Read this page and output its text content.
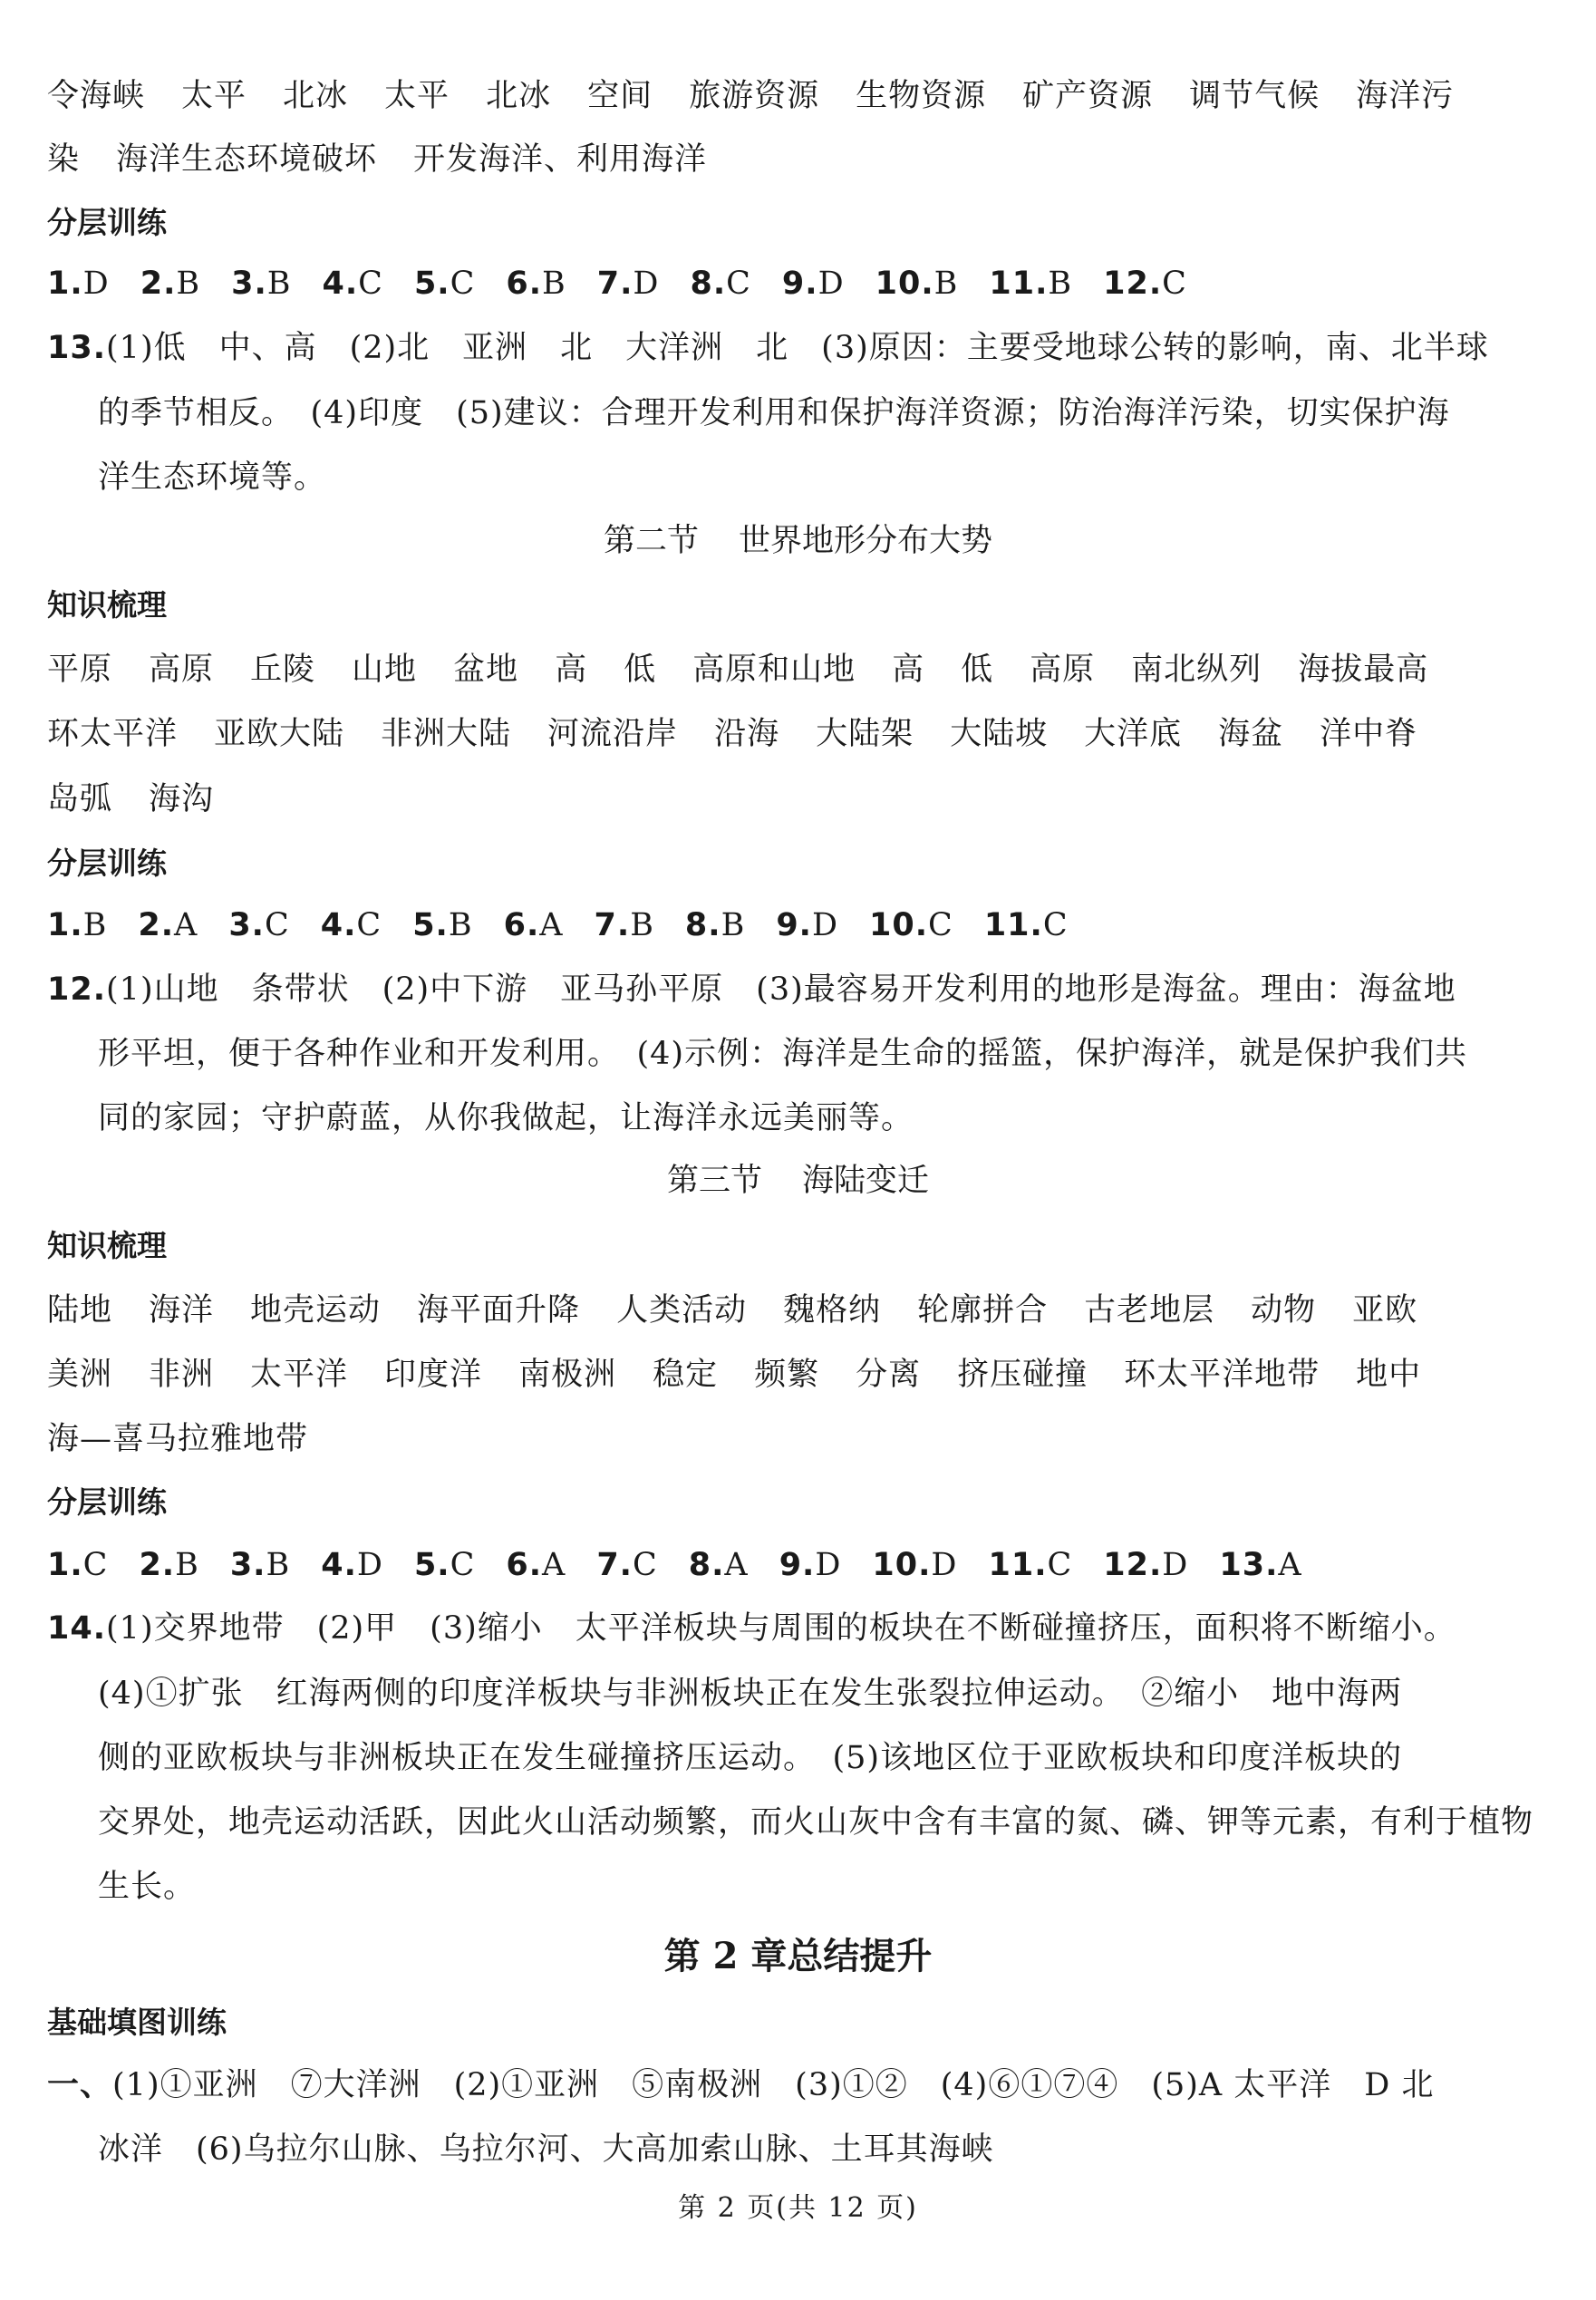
令海峡 太平 北冰 太平 北冰 空间 旅游资源 生物资源 矿产资源 调节气候 海洋污
染 海洋生态环境破坏 开发海洋、利用海洋
分层训练
1.D 2.B 3.B 4.C 5.C 6.B 7.D 8.C 9.D 10.B 11.B 12.C
13.(1)低　中、高　(2)北　亚洲　北　大洋洲　北　(3)原因：主要受地球公转的影响，南、北半球
的季节相反。　(4)印度　(5)建议：合理开发利用和保护海洋资源；防治海洋污染，切实保护海
洋生态环境等。
第二节 世界地形分布大势
知识梳理
平原 高原 丘陵 山地 盆地 高 低 高原和山地 高 低 高原 南北纵列 海拔最高
环太平洋 亚欧大陆 非洲大陆 河流沿岸 沿海 大陆架 大陆坡 大洋底 海盆 洋中脊
岛弧 海沟
分层训练
1.B 2.A 3.C 4.C 5.B 6.A 7.B 8.B 9.D 10.C 11.C
12.(1)山地　条带状　(2)中下游　亚马孙平原　(3)最容易开发利用的地形是海盆。理由：海盆地
形平坦，便于各种作业和开发利用。　(4)示例：海洋是生命的摇篮，保护海洋，就是保护我们共
同的家园；守护蔚蓝，从你我做起，让海洋永远美丽等。
第三节 海陆变迁
知识梳理
陆地 海洋 地壳运动 海平面升降 人类活动 魏格纳 轮廓拼合 古老地层 动物 亚欧
美洲 非洲 太平洋 印度洋 南极洲 稳定 频繁 分离 挤压碰撞 环太平洋地带 地中
海—喜马拉雅地带
分层训练
1.C 2.B 3.B 4.D 5.C 6.A 7.C 8.A 9.D 10.D 11.C 12.D 13.A
14.(1)交界地带　(2)甲　(3)缩小　太平洋板块与周围的板块在不断碰撞挤压，面积将不断缩小。
(4)①扩张　红海两侧的印度洋板块与非洲板块正在发生张裂拉伸运动。　②缩小　地中海两
侧的亚欧板块与非洲板块正在发生碰撞挤压运动。　(5)该地区位于亚欧板块和印度洋板块的
交界处，地壳运动活跃，因此火山活动频繁，而火山灰中含有丰富的氮、磷、钾等元素，有利于植物
生长。
第 2 章总结提升
基础填图训练
一、(1)①亚洲　⑦大洋洲　(2)①亚洲　⑤南极洲　(3)①②　(4)⑥①⑦④　(5)A 太平洋　D 北
冰洋　(6)乌拉尔山脉、乌拉尔河、大高加索山脉、土耳其海峡
第 2 页(共 12 页)
